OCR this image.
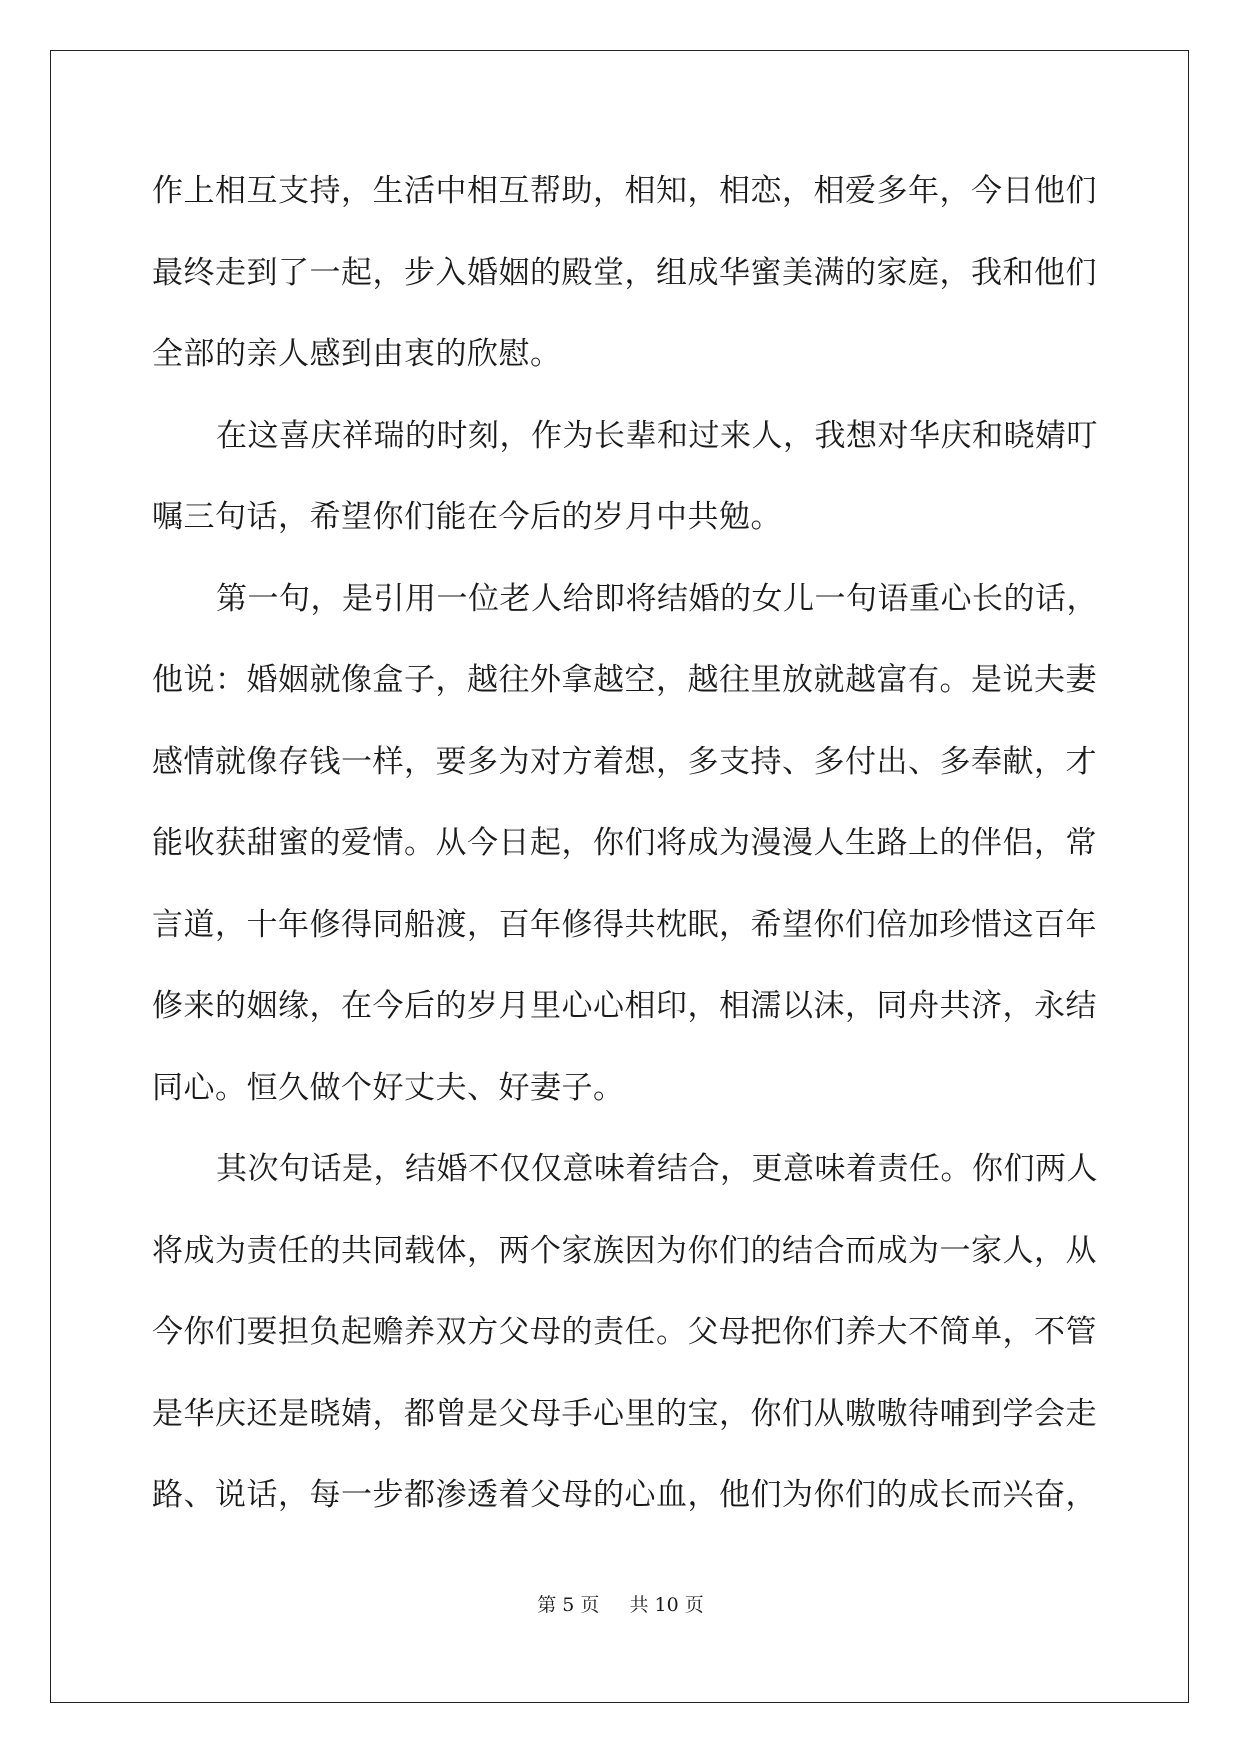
作上相互支持，生活中相互帮助，相知，相恋，相爱多年，今日他们
最终走到了一起，步入婚姻的殿堂，组成华蜜美满的家庭，我和他们
全部的亲人感到由衷的欣慰。
在这喜庆祥瑞的时刻，作为长辈和过来人，我想对华庆和晓婧叮
嘱三句话，希望你们能在今后的岁月中共勉。
第一句，是引用一位老人给即将结婚的女儿一句语重心长的话，
他说：婚姻就像盒子，越往外拿越空，越往里放就越富有。是说夫妻
感情就像存钱一样，要多为对方着想，多支持、多付出、多奉献，才
能收获甜蜜的爱情。从今日起，你们将成为漫漫人生路上的伴侣，常
言道，十年修得同船渡，百年修得共枕眠，希望你们倍加珍惜这百年
修来的姻缘，在今后的岁月里心心相印，相濡以沫，同舟共济，永结
同心。恒久做个好丈夫、好妻子。
其次句话是，结婚不仅仅意味着结合，更意味着责任。你们两人
将成为责任的共同载体，两个家族因为你们的结合而成为一家人，从
今你们要担负起赡养双方父母的责任。父母把你们养大不简单，不管
是华庆还是晓婧，都曾是父母手心里的宝，你们从嗷嗷待哺到学会走
路、说话，每一步都渗透着父母的心血，他们为你们的成长而兴奋，
第 5 页 共 10 页
